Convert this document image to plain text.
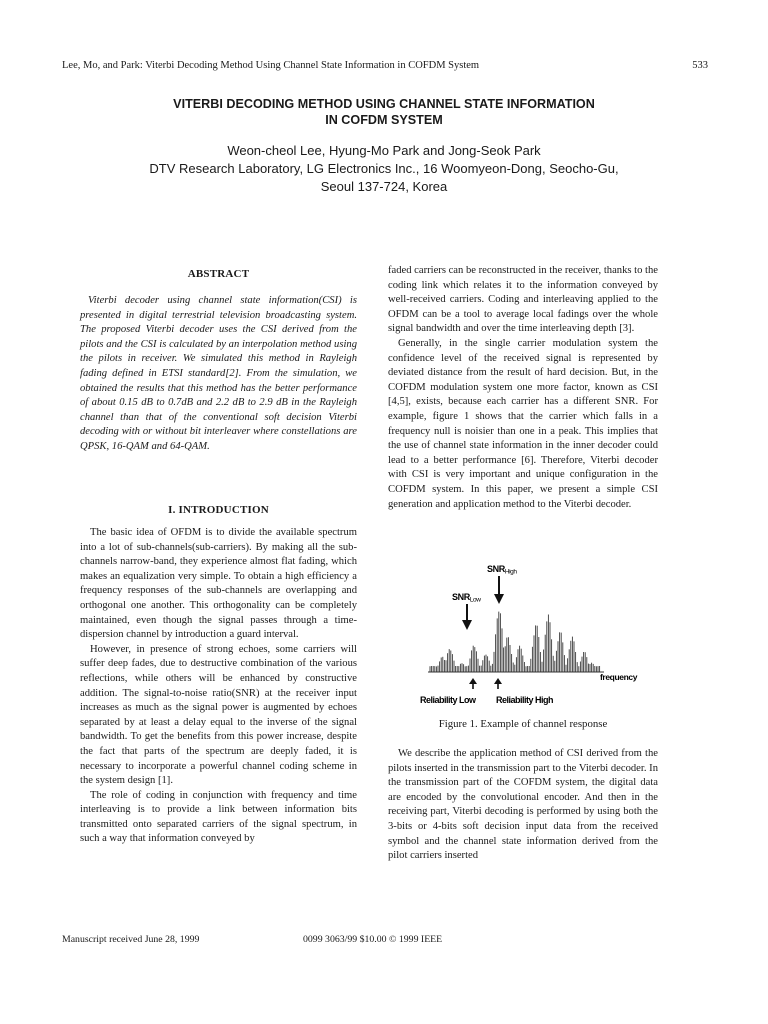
Lee, Mo, and Park: Viterbi Decoding Method Using Channel State Information in COFDM System	533
VITERBI DECODING METHOD USING CHANNEL STATE INFORMATION
IN COFDM SYSTEM
Weon-cheol Lee, Hyung-Mo Park and Jong-Seok Park
DTV Research Laboratory, LG Electronics Inc., 16 Woomyeon-Dong, Seocho-Gu,
Seoul 137-724, Korea
ABSTRACT

Viterbi decoder using channel state information(CSI) is presented in digital terrestrial television broadcasting system. The proposed Viterbi decoder uses the CSI derived from the pilots and the CSI is calculated by an interpolation method using the pilots in receiver. We simulated this method in Rayleigh fading defined in ETSI standard[2]. From the simulation, we obtained the results that this method has the better performance of about 0.15 dB to 0.7dB and 2.2 dB to 2.9 dB in the Rayleigh channel than that of the conventional soft decision Viterbi decoding with or without bit interleaver where constellations are QPSK, 16-QAM and 64-QAM.

I. INTRODUCTION

The basic idea of OFDM is to divide the available spectrum into a lot of sub-channels(sub-carriers). By making all the sub-channels narrow-band, they experience almost flat fading, which makes an equalization very simple. To obtain a high efficiency a frequency responses of the sub-channels are overlapping and orthogonal one another. This orthogonality can be completely maintained, even though the signal passes through a time-dispersion channel by introduction a guard interval.

However, in presence of strong echoes, some carriers will suffer deep fades, due to destructive combination of the various reflections, while others will be enhanced by constructive addition. The signal-to-noise ratio(SNR) at the receiver input increases as much as the signal power is augmented by echoes separated by at least a delay equal to the inverse of the signal bandwidth. To get the benefits from this power increase, despite the fact that parts of the spectrum are deeply faded, it is necessary to incorporate a powerful channel coding scheme in the system design [1].

The role of coding in conjunction with frequency and time interleaving is to provide a link between information bits transmitted onto separated carriers of the signal spectrum, in such a way that information conveyed by

faded carriers can be reconstructed in the receiver, thanks to the coding link which relates it to the information conveyed by well-received carriers. Coding and interleaving applied to the OFDM can be a tool to average local fadings over the whole signal bandwidth and over the time interleaving depth [3].

Generally, in the single carrier modulation system the confidence level of the received signal is represented by deviated distance from the result of hard decision. But, in the COFDM modulation system one more factor, known as CSI [4,5], exists, because each carrier has a different SNR. For example, figure 1 shows that the carrier which falls in a frequency null is noisier than one in a peak. This implies that the use of channel state information in the inner decoder could lead to a better performance [6]. Therefore, Viterbi decoder with CSI is very important and unique configuration in the COFDM system. In this paper, we present a simple CSI generation and application method to the Viterbi decoder.

SNRHigh
SNRLow
frequency
Reliability Low Reliability High
Figure 1. Example of channel response

We describe the application method of CSI derived from the pilots inserted in the transmission part to the Viterbi decoder. In the transmission part of the COFDM system, the digital data are encoded by the convolutional encoder. And then in the receiving part, Viterbi decoding is performed by using both the 3-bits or 4-bits soft decision input data from the received symbol and the channel state information derived from the pilot carriers inserted

Manuscript received June 28, 1999	0099 3063/99 $10.00 © 1999 IEEE
